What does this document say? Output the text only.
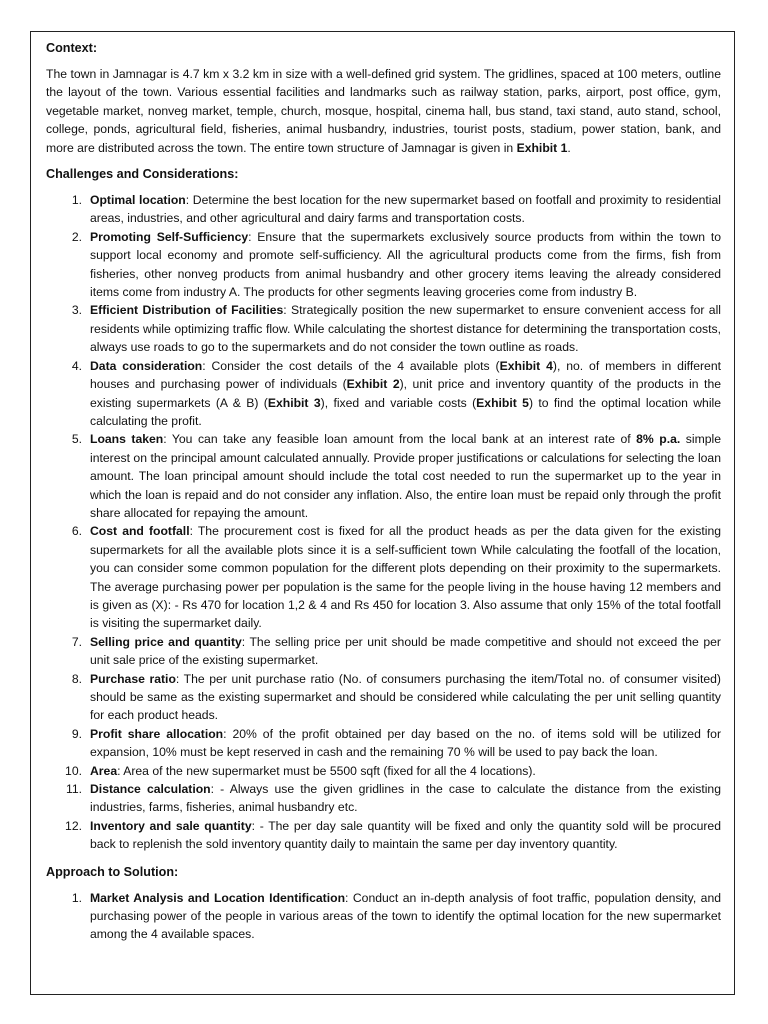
Context:

The town in Jamnagar is 4.7 km x 3.2 km in size with a well-defined grid system. The gridlines, spaced at 100 meters, outline the layout of the town. Various essential facilities and landmarks such as railway station, parks, airport, post office, gym, vegetable market, nonveg market, temple, church, mosque, hospital, cinema hall, bus stand, taxi stand, auto stand, school, college, ponds, agricultural field, fisheries, animal husbandry, industries, tourist posts, stadium, power station, bank, and more are distributed across the town. The entire town structure of Jamnagar is given in Exhibit 1.

Challenges and Considerations:
1. Optimal location: Determine the best location for the new supermarket based on footfall and proximity to residential areas, industries, and other agricultural and dairy farms and transportation costs.
2. Promoting Self-Sufficiency: Ensure that the supermarkets exclusively source products from within the town to support local economy and promote self-sufficiency. All the agricultural products come from the firms, fish from fisheries, other nonveg products from animal husbandry and other grocery items leaving the already considered items come from industry A. The products for other segments leaving groceries come from industry B.
3. Efficient Distribution of Facilities: Strategically position the new supermarket to ensure convenient access for all residents while optimizing traffic flow. While calculating the shortest distance for determining the transportation costs, always use roads to go to the supermarkets and do not consider the town outline as roads.
4. Data consideration: Consider the cost details of the 4 available plots (Exhibit 4), no. of members in different houses and purchasing power of individuals (Exhibit 2), unit price and inventory quantity of the products in the existing supermarkets (A & B) (Exhibit 3), fixed and variable costs (Exhibit 5) to find the optimal location while calculating the profit.
5. Loans taken: You can take any feasible loan amount from the local bank at an interest rate of 8% p.a. simple interest on the principal amount calculated annually. Provide proper justifications or calculations for selecting the loan amount. The loan principal amount should include the total cost needed to run the supermarket up to the year in which the loan is repaid and do not consider any inflation. Also, the entire loan must be repaid only through the profit share allocated for repaying the amount.
6. Cost and footfall: The procurement cost is fixed for all the product heads as per the data given for the existing supermarkets for all the available plots since it is a self-sufficient town While calculating the footfall of the location, you can consider some common population for the different plots depending on their proximity to the supermarkets. The average purchasing power per population is the same for the people living in the house having 12 members and is given as (X): - Rs 470 for location 1,2 & 4 and Rs 450 for location 3. Also assume that only 15% of the total footfall is visiting the supermarket daily.
7. Selling price and quantity: The selling price per unit should be made competitive and should not exceed the per unit sale price of the existing supermarket.
8. Purchase ratio: The per unit purchase ratio (No. of consumers purchasing the item/Total no. of consumer visited) should be same as the existing supermarket and should be considered while calculating the per unit selling quantity for each product heads.
9. Profit share allocation: 20% of the profit obtained per day based on the no. of items sold will be utilized for expansion, 10% must be kept reserved in cash and the remaining 70 % will be used to pay back the loan.
10. Area: Area of the new supermarket must be 5500 sqft (fixed for all the 4 locations).
11. Distance calculation: - Always use the given gridlines in the case to calculate the distance from the existing industries, farms, fisheries, animal husbandry etc.
12. Inventory and sale quantity: - The per day sale quantity will be fixed and only the quantity sold will be procured back to replenish the sold inventory quantity daily to maintain the same per day inventory quantity.
Approach to Solution:
1. Market Analysis and Location Identification: Conduct an in-depth analysis of foot traffic, population density, and purchasing power of the people in various areas of the town to identify the optimal location for the new supermarket among the 4 available spaces.
